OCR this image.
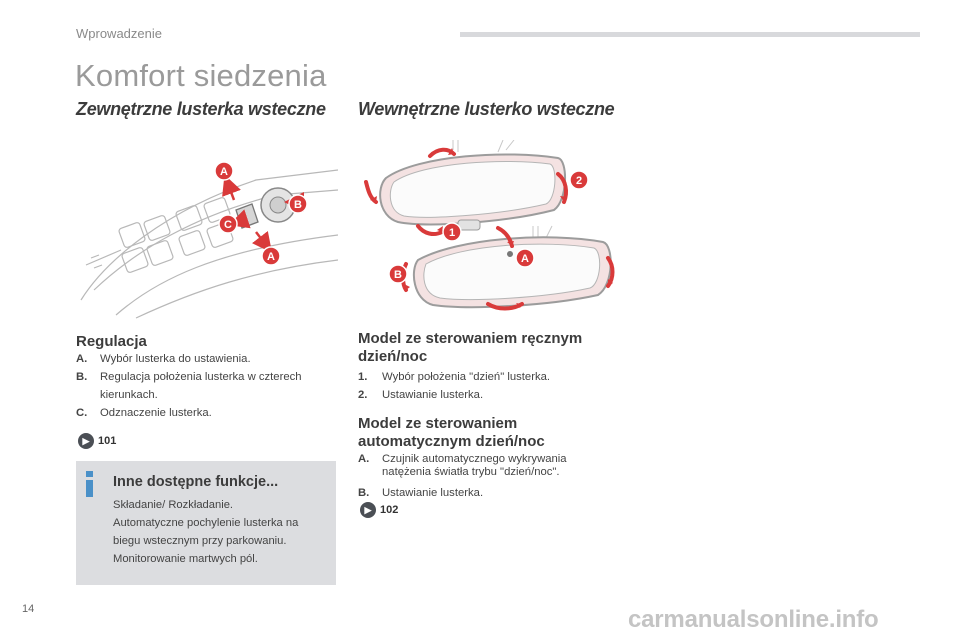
Wprowadzenie
Komfort siedzenia
Zewnętrzne lusterka wsteczne
A
B
C
A
Regulacja
A.	Wybór lusterka do ustawienia.
B.	Regulacja położenia lusterka w czterech
kierunkach.
C.	Odznaczenie lusterka.
▶ 101
Inne dostępne funkcje...
Składanie/ Rozkładanie.
Automatyczne pochylenie lusterka na
biegu wstecznym przy parkowaniu.
Monitorowanie martwych pól.
Wewnętrzne lusterko wsteczne
1
2
A
B
Model ze sterowaniem ręcznym
dzień/noc
1.	Wybór położenia "dzień" lusterka.
2.	Ustawianie lusterka.
Model ze sterowaniem
automatycznym dzień/noc
A.	Czujnik automatycznego wykrywania
natężenia światła trybu "dzień/noc".
B.	Ustawianie lusterka.
▶ 102
14	carmanualsonline.info
